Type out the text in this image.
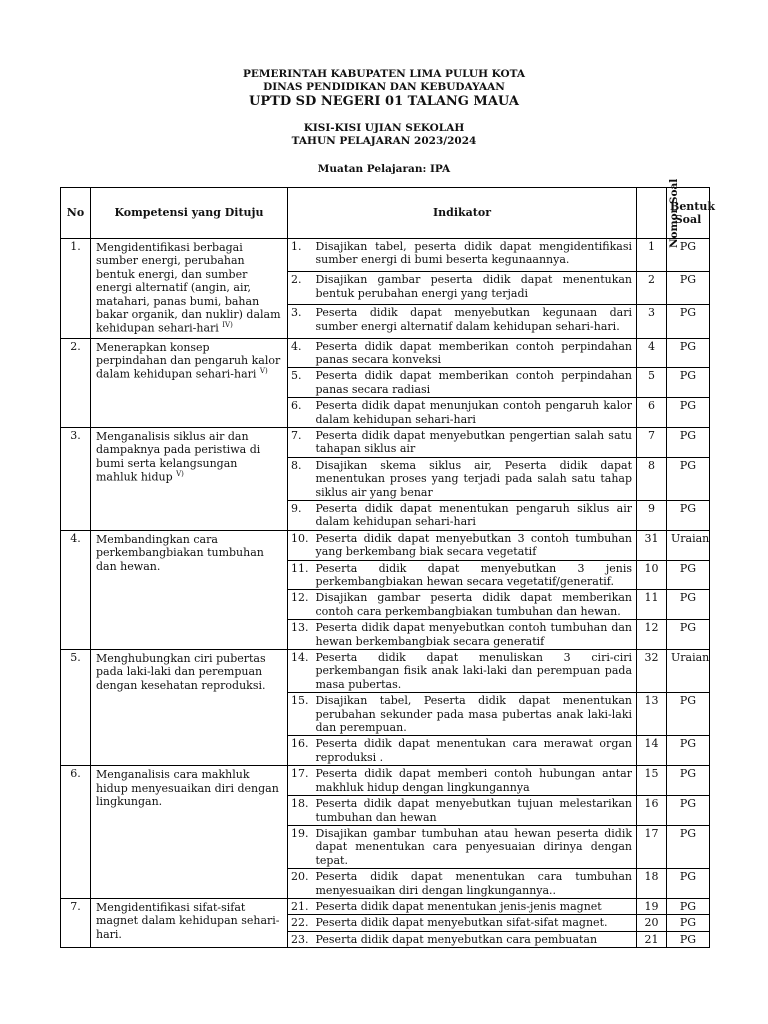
PEMERINTAH KABUPATEN LIMA PULUH KOTA
DINAS PENDIDIKAN DAN KEBUDAYAAN
UPTD SD NEGERI 01 TALANG MAUA
KISI-KISI UJIAN SEKOLAH
TAHUN PELAJARAN 2023/2024
Muatan Pelajaran: IPA
No	Kompetensi yang Dituju	Indikator		Nomor Soal	Bentuk Soal
1.	Mengidentifikasi berbagai sumber energi, perubahan bentuk energi, dan sumber energi alternatif (angin, air, matahari, panas bumi, bahan bakar organik, dan nuklir) dalam kehidupan sehari-hari $^{IV)}$	1.	Disajikan tabel, peserta didik dapat mengidentifikasi sumber energi di bumi beserta kegunaannya.	1	PG
		2.	Disajikan gambar peserta didik dapat menentukan bentuk perubahan energi yang terjadi	2	PG
		3.	Peserta didik dapat menyebutkan kegunaan dari sumber energi alternatif dalam kehidupan sehari-hari.	3	PG
2.	Menerapkan konsep perpindahan dan pengaruh kalor dalam kehidupan sehari-hari $^{V)}$	4.	Peserta didik dapat memberikan contoh perpindahan panas secara konveksi	4	PG
		5.	Peserta didik dapat memberikan contoh perpindahan panas secara radiasi	5	PG
		6.	Peserta didik dapat menunjukan contoh pengaruh kalor dalam kehidupan sehari-hari	6	PG
3.	Menganalisis siklus air dan dampaknya pada peristiwa di bumi serta kelangsungan mahluk hidup $^{V)}$	7.	Peserta didik dapat menyebutkan pengertian salah satu tahapan siklus air	7	PG
		8.	Disajikan skema siklus air, Peserta didik dapat menentukan proses yang terjadi pada salah satu tahap siklus air yang benar	8	PG
		9.	Peserta didik dapat menentukan pengaruh siklus air dalam kehidupan sehari-hari	9	PG
4.	Membandingkan cara perkembangbiakan tumbuhan dan hewan.	10.	Peserta didik dapat menyebutkan 3 contoh tumbuhan yang berkembang biak secara vegetatif	31	Uraian
		11.	Peserta didik dapat menyebutkan 3 jenis perkembangbiakan hewan secara vegetatif/generatif.	10	PG
		12.	Disajikan gambar peserta didik dapat memberikan contoh cara perkembangbiakan tumbuhan dan hewan.	11	PG
		13.	Peserta didik dapat menyebutkan contoh tumbuhan dan hewan berkembangbiak secara generatif	12	PG
5.	Menghubungkan ciri pubertas pada laki-laki dan perempuan dengan kesehatan reproduksi.	14.	Peserta didik dapat menuliskan 3 ciri-ciri perkembangan fisik anak laki-laki dan perempuan pada masa pubertas.	32	Uraian
		15.	Disajikan tabel, Peserta didik dapat menentukan perubahan sekunder pada masa pubertas anak laki-laki dan perempuan.	13	PG
		16.	Peserta didik dapat menentukan cara merawat organ reproduksi .	14	PG
6.	Menganalisis cara makhluk hidup menyesuaikan diri dengan lingkungan.	17.	Peserta didik dapat memberi contoh hubungan antar makhluk hidup dengan lingkungannya	15	PG
		18.	Peserta didik dapat menyebutkan tujuan melestarikan tumbuhan dan hewan	16	PG
		19.	Disajikan gambar tumbuhan atau hewan peserta didik dapat menentukan cara penyesuaian dirinya dengan tepat.	17	PG
		20.	Peserta didik dapat menentukan cara tumbuhan menyesuaikan diri dengan lingkungannya..	18	PG
7.	Mengidentifikasi sifat-sifat magnet dalam kehidupan sehari-hari.	21.	Peserta didik dapat menentukan jenis-jenis magnet	19	PG
		22.	Peserta didik dapat menyebutkan sifat-sifat magnet.	20	PG
		23.	Peserta didik dapat menyebutkan cara pembuatan	21	PG
